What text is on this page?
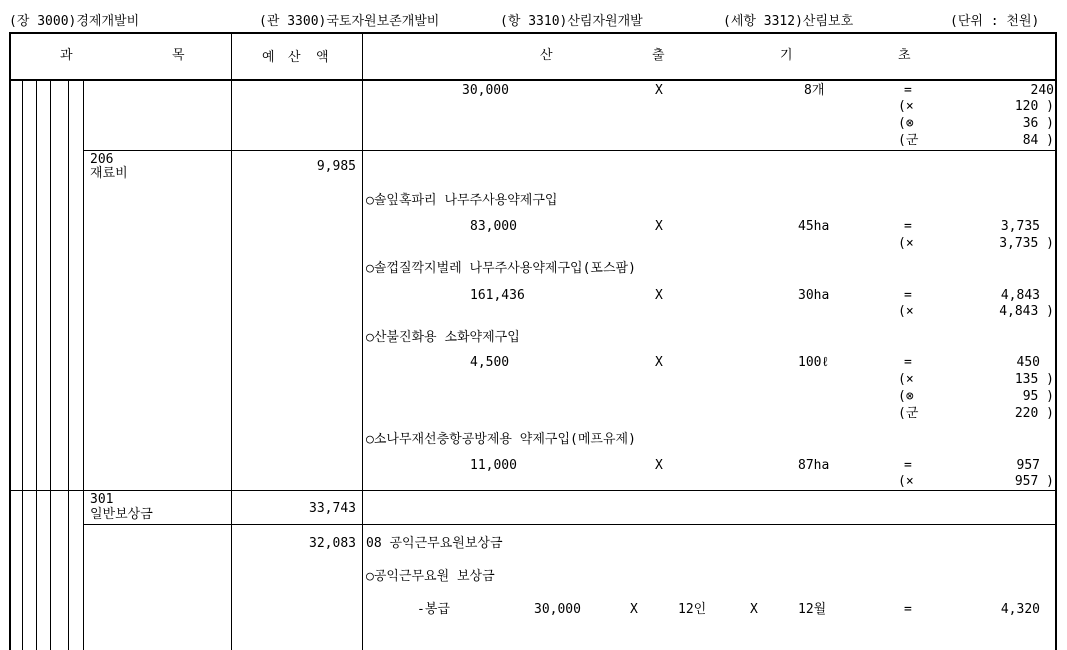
(장 3000)경제개발비	(관 3300)국토자원보존개발비	(항 3310)산림자원개발	(세항 3312)산림보호	(단위 : 천원)
과	목	예 산 액	산	출	기	초
30,000	X	8개	=	240
(×	120 )
(⊗	36 )
(군	84 )
206
재료비	9,985
○솔잎혹파리 나무주사용약제구입
83,000	X	45ha	=	3,735
(×	3,735 )
○솔껍질깍지벌레 나무주사용약제구입(포스팜)
161,436	X	30ha	=	4,843
(×	4,843 )
○산불진화용 소화약제구입
4,500	X	100ℓ	=	450
(×	135 )
(⊗	95 )
(군	220 )
○소나무재선충항공방제용 약제구입(메프유제)
11,000	X	87ha	=	957
(×	957 )
301
일반보상금	33,743
32,083 08 공익근무요원보상금
○공익근무요원 보상금
-봉급	30,000	X	12인	X	12월	=	4,320
